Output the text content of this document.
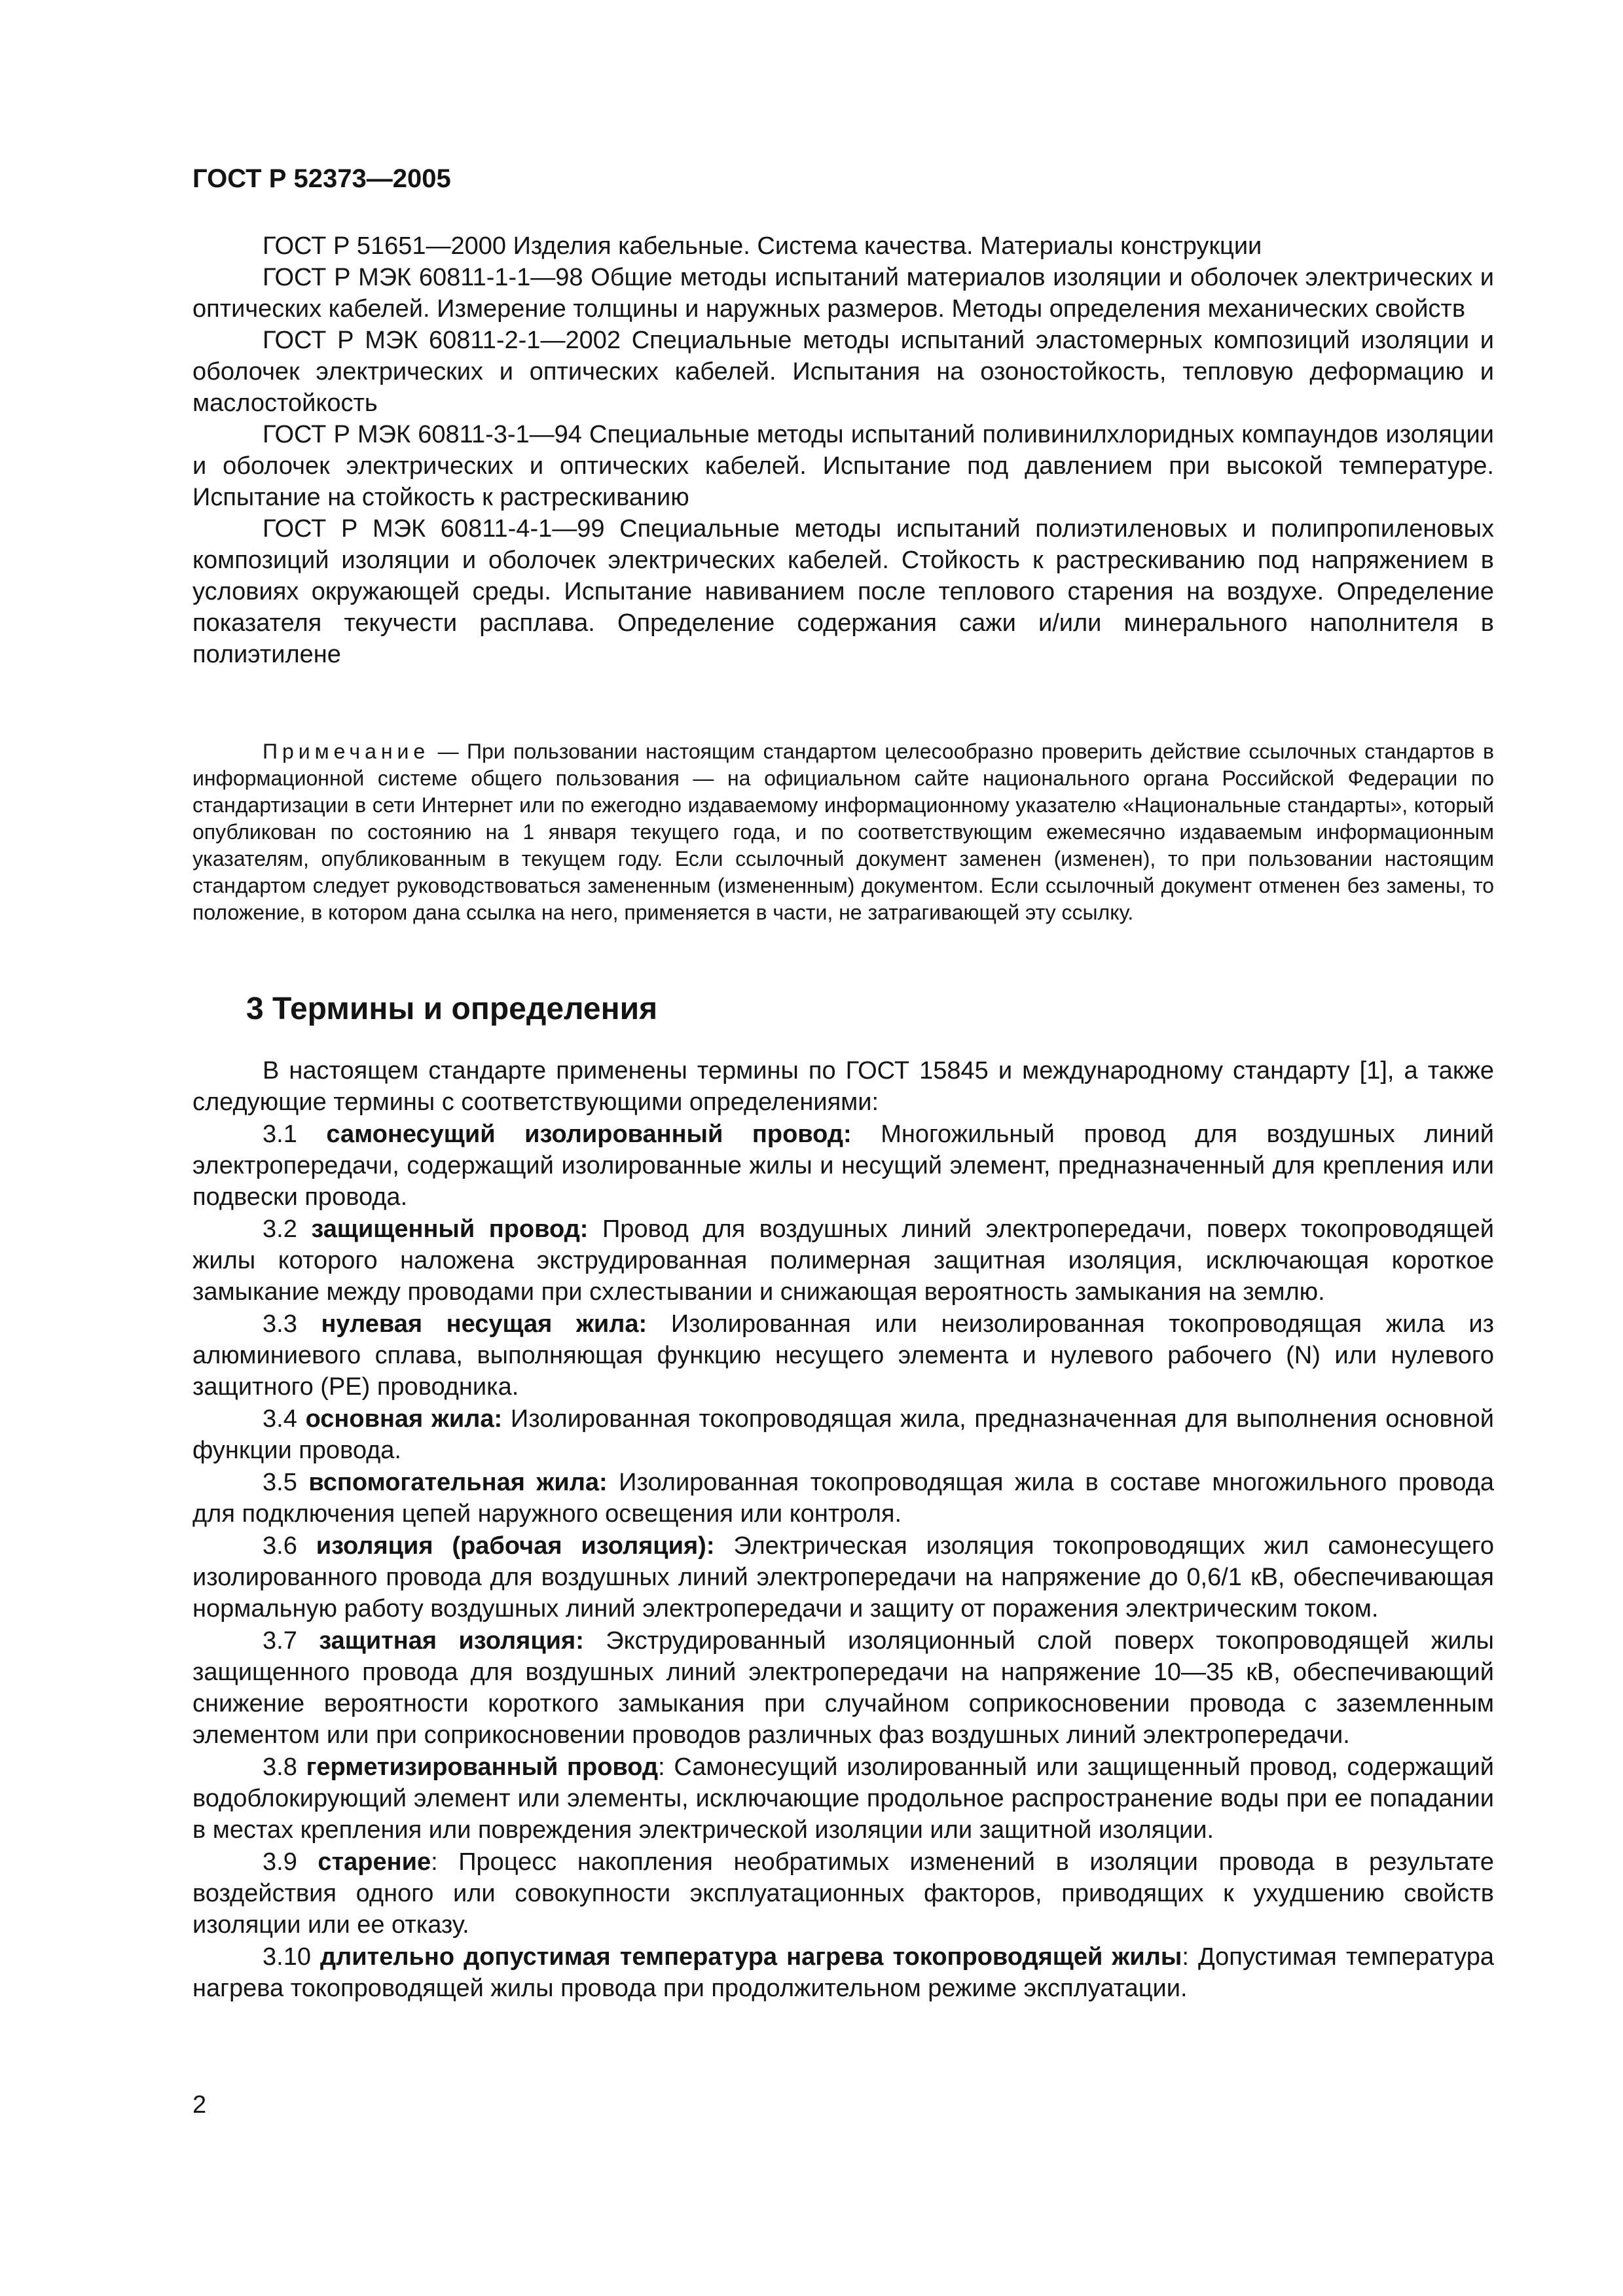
ГОСТ Р 52373—2005

ГОСТ Р 51651—2000 Изделия кабельные. Система качества. Материалы конструкции

ГОСТ Р МЭК 60811-1-1—98 Общие методы испытаний материалов изоляции и оболочек электрических и оптических кабелей. Измерение толщины и наружных размеров. Методы определения механических свойств

ГОСТ Р МЭК 60811-2-1—2002 Специальные методы испытаний эластомерных композиций изоляции и оболочек электрических и оптических кабелей. Испытания на озоностойкость, тепловую деформацию и маслостойкость

ГОСТ Р МЭК 60811-3-1—94 Специальные методы испытаний поливинилхлоридных компаундов изоляции и оболочек электрических и оптических кабелей. Испытание под давлением при высокой температуре. Испытание на стойкость к растрескиванию

ГОСТ Р МЭК 60811-4-1—99 Специальные методы испытаний полиэтиленовых и полипропиленовых композиций изоляции и оболочек электрических кабелей. Стойкость к растрескиванию под напряжением в условиях окружающей среды. Испытание навиванием после теплового старения на воздухе. Определение показателя текучести расплава. Определение содержания сажи и/или минерального наполнителя в полиэтилене

Примечание — При пользовании настоящим стандартом целесообразно проверить действие ссылочных стандартов в информационной системе общего пользования — на официальном сайте национального органа Российской Федерации по стандартизации в сети Интернет или по ежегодно издаваемому информационному указателю «Национальные стандарты», который опубликован по состоянию на 1 января текущего года, и по соответствующим ежемесячно издаваемым информационным указателям, опубликованным в текущем году. Если ссылочный документ заменен (изменен), то при пользовании настоящим стандартом следует руководствоваться замененным (измененным) документом. Если ссылочный документ отменен без замены, то положение, в котором дана ссылка на него, применяется в части, не затрагивающей эту ссылку.

3 Термины и определения

В настоящем стандарте применены термины по ГОСТ 15845 и международному стандарту [1], а также следующие термины с соответствующими определениями:

3.1 самонесущий изолированный провод: Многожильный провод для воздушных линий электропередачи, содержащий изолированные жилы и несущий элемент, предназначенный для крепления или подвески провода.

3.2 защищенный провод: Провод для воздушных линий электропередачи, поверх токопроводящей жилы которого наложена экструдированная полимерная защитная изоляция, исключающая короткое замыкание между проводами при схлестывании и снижающая вероятность замыкания на землю.

3.3 нулевая несущая жила: Изолированная или неизолированная токопроводящая жила из алюминиевого сплава, выполняющая функцию несущего элемента и нулевого рабочего (N) или нулевого защитного (PE) проводника.

3.4 основная жила: Изолированная токопроводящая жила, предназначенная для выполнения основной функции провода.

3.5 вспомогательная жила: Изолированная токопроводящая жила в составе многожильного провода для подключения цепей наружного освещения или контроля.

3.6 изоляция (рабочая изоляция): Электрическая изоляция токопроводящих жил самонесущего изолированного провода для воздушных линий электропередачи на напряжение до 0,6/1 кВ, обеспечивающая нормальную работу воздушных линий электропередачи и защиту от поражения электрическим током.

3.7 защитная изоляция: Экструдированный изоляционный слой поверх токопроводящей жилы защищенного провода для воздушных линий электропередачи на напряжение 10—35 кВ, обеспечивающий снижение вероятности короткого замыкания при случайном соприкосновении провода с заземленным элементом или при соприкосновении проводов различных фаз воздушных линий электропередачи.

3.8 герметизированный провод: Самонесущий изолированный или защищенный провод, содержащий водоблокирующий элемент или элементы, исключающие продольное распространение воды при ее попадании в местах крепления или повреждения электрической изоляции или защитной изоляции.

3.9 старение: Процесс накопления необратимых изменений в изоляции провода в результате воздействия одного или совокупности эксплуатационных факторов, приводящих к ухудшению свойств изоляции или ее отказу.

3.10 длительно допустимая температура нагрева токопроводящей жилы: Допустимая температура нагрева токопроводящей жилы провода при продолжительном режиме эксплуатации.

2
